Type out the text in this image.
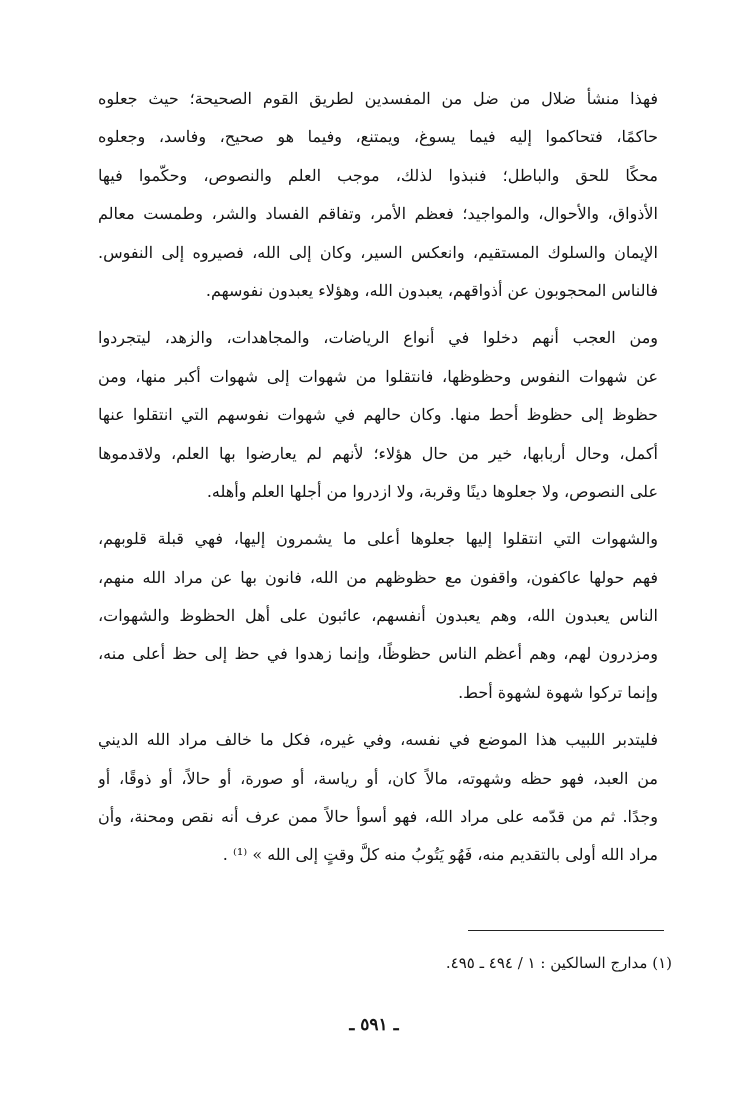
فهذا منشأ ضلال من ضل من المفسدين لطريق القوم الصحيحة؛ حيث جعلوه
حاكمًا، فتحاكموا إليه فيما يسوغ، ويمتنع، وفيما هو صحيح، وفاسد، وجعلوه
محكًا للحق والباطل؛ فنبذوا لذلك، موجب العلم والنصوص، وحكّموا فيها
الأذواق، والأحوال، والمواجيد؛ فعظم الأمر، وتفاقم الفساد والشر، وطمست معالم
الإيمان والسلوك المستقيم، وانعكس السير، وكان إلى الله، فصيروه إلى النفوس.
فالناس المحجوبون عن أذواقهم، يعبدون الله، وهؤلاء يعبدون نفوسهم.
ومن العجب أنهم دخلوا في أنواع الرياضات، والمجاهدات، والزهد، ليتجردوا
عن شهوات النفوس وحظوظها، فانتقلوا من شهوات إلى شهوات أكبر منها، ومن
حظوظ إلى حظوظ أحط منها. وكان حالهم في شهوات نفوسهم التي انتقلوا عنها
أكمل، وحال أربابها، خير من حال هؤلاء؛ لأنهم لم يعارضوا بها العلم، ولاقدموها
على النصوص، ولا جعلوها دينًا وقربة، ولا ازدروا من أجلها العلم وأهله.
والشهوات التي انتقلوا إليها جعلوها أعلى ما يشمرون إليها، فهي قبلة قلوبهم،
فهم حولها عاكفون، واقفون مع حظوظهم من الله، فانون بها عن مراد الله منهم،
الناس يعبدون الله، وهم يعبدون أنفسهم، عائبون على أهل الحظوظ والشهوات،
ومزدرون لهم، وهم أعظم الناس حظوظًا، وإنما زهدوا في حظ إلى حظ أعلى منه،
وإنما تركوا شهوة لشهوة أحط.
فليتدبر اللبيب هذا الموضع في نفسه، وفي غيره، فكل ما خالف مراد الله الديني
من العبد، فهو حظه وشهوته، مالاً كان، أو رياسة، أو صورة، أو حالاً، أو ذوقًا، أو
وجدًا. ثم من قدّمه على مراد الله، فهو أسوأ حالاً ممن عرف أنه نقص ومحنة، وأن
مراد الله أولى بالتقديم منه، فَهُو يَتُوبُ منه كلَّ وقتٍ إلى الله » ⁽¹⁾ .
(١) مدارج السالكين : ١ / ٤٩٤ ـ ٤٩٥.
ـ ٥٩١ ـ
